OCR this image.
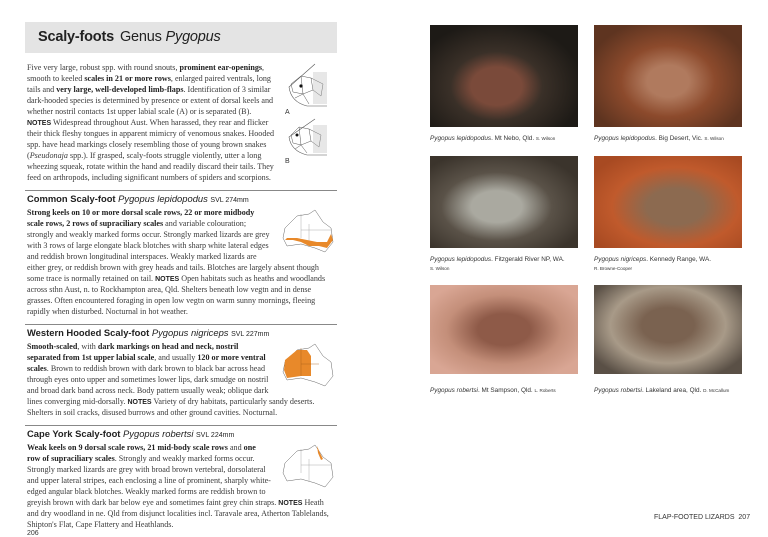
Scaly-foots Genus Pygopus
A
B
Five very large, robust spp. with round snouts, prominent ear-openings, smooth to keeled scales in 21 or more rows, enlarged paired ventrals, long tails and very large, well-developed limb-flaps. Identification of 3 similar dark-hooded species is determined by presence or extent of dorsal keels and whether nostril contacts 1st upper labial scale (A) or is separated (B). NOTES Widespread throughout Aust. When harassed, they rear and flicker their thick fleshy tongues in apparent mimicry of venomous snakes. Hooded spp. have head markings closely resembling those of young brown snakes (Pseudonaja spp.). If grasped, scaly-foots struggle violently, utter a long wheezing squeak, rotate within the hand and readily discard their tails. They feed on arthropods, including significant numbers of spiders and scorpions.
Common Scaly-foot Pygopus lepidopodus SVL 274mm
Strong keels on 10 or more dorsal scale rows, 22 or more midbody scale rows, 2 rows of supraciliary scales and variable colouration; strongly and weakly marked forms occur. Strongly marked lizards are grey with 3 rows of large elongate black blotches with sharp white lateral edges and reddish brown longitudinal interspaces. Weakly marked lizards are either grey, or reddish brown with grey heads and tails. Blotches are largely absent though some trace is normally retained on tail. NOTES Open habitats such as heaths and woodlands across sthn Aust, n. to Rockhampton area, Qld. Shelters beneath low vegtn and in dense grasses. Often encountered foraging in open low vegtn on warm sunny mornings, fleeing rapidly when disturbed. Nocturnal in hot weather.
Western Hooded Scaly-foot Pygopus nigriceps SVL 227mm
Smooth-scaled, with dark markings on head and neck, nostril separated from 1st upper labial scale, and usually 120 or more ventral scales. Brown to reddish brown with dark brown to black bar across head through eyes onto upper and sometimes lower lips, dark smudge on nostril and broad dark band across neck. Body pattern usually weak; oblique dark lines converging mid-dorsally. NOTES Variety of dry habitats, particularly sandy deserts. Shelters in soil cracks, disused burrows and other ground cavities. Nocturnal.
Cape York Scaly-foot Pygopus robertsi SVL 224mm
Weak keels on 9 dorsal scale rows, 21 mid-body scale rows and one row of supraciliary scales. Strongly and weakly marked forms occur. Strongly marked lizards are grey with broad brown vertebral, dorsolateral and upper lateral stripes, each enclosing a line of prominent, sharply white-edged angular black blotches. Weakly marked forms are reddish brown to greyish brown with dark bar below eye and sometimes faint grey chin straps. NOTES Heath and dry woodland in ne. Qld from disjunct localities incl. Taravale area, Atherton Tablelands, Shipton's Flat, Cape Flattery and Heathlands.
206
Pygopus lepidopodus. Mt Nebo, Qld. S. Wilson	Pygopus lepidopodus. Big Desert, Vic. S. Wilson
Pygopus lepidopodus. Fitzgerald River NP, WA.
S. Wilson
Pygopus nigriceps. Kennedy Range, WA.
R. Browne-Cooper
Pygopus robertsi. Mt Sampson, Qld. L. Roberts	Pygopus robertsi. Lakeland area, Qld. D. McCallum
FLAP-FOOTED LIZARDS 207
